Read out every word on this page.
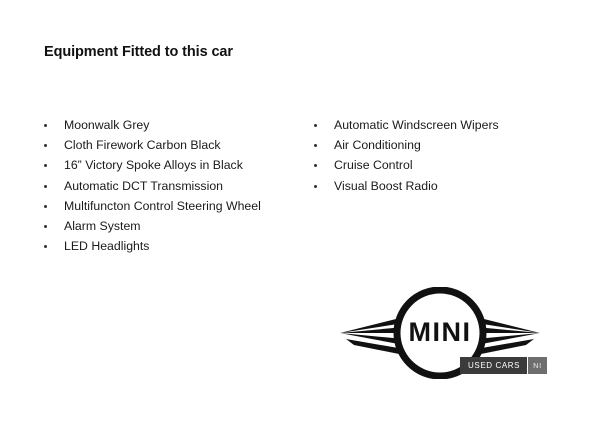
Equipment Fitted to this car
Moonwalk Grey
Cloth Firework Carbon Black
16” Victory Spoke Alloys in Black
Automatic DCT Transmission
Multifuncton Control Steering Wheel
Alarm System
LED Headlights
Automatic Windscreen Wipers
Air Conditioning
Cruise Control
Visual Boost Radio
MINI
USED CARS	NI
